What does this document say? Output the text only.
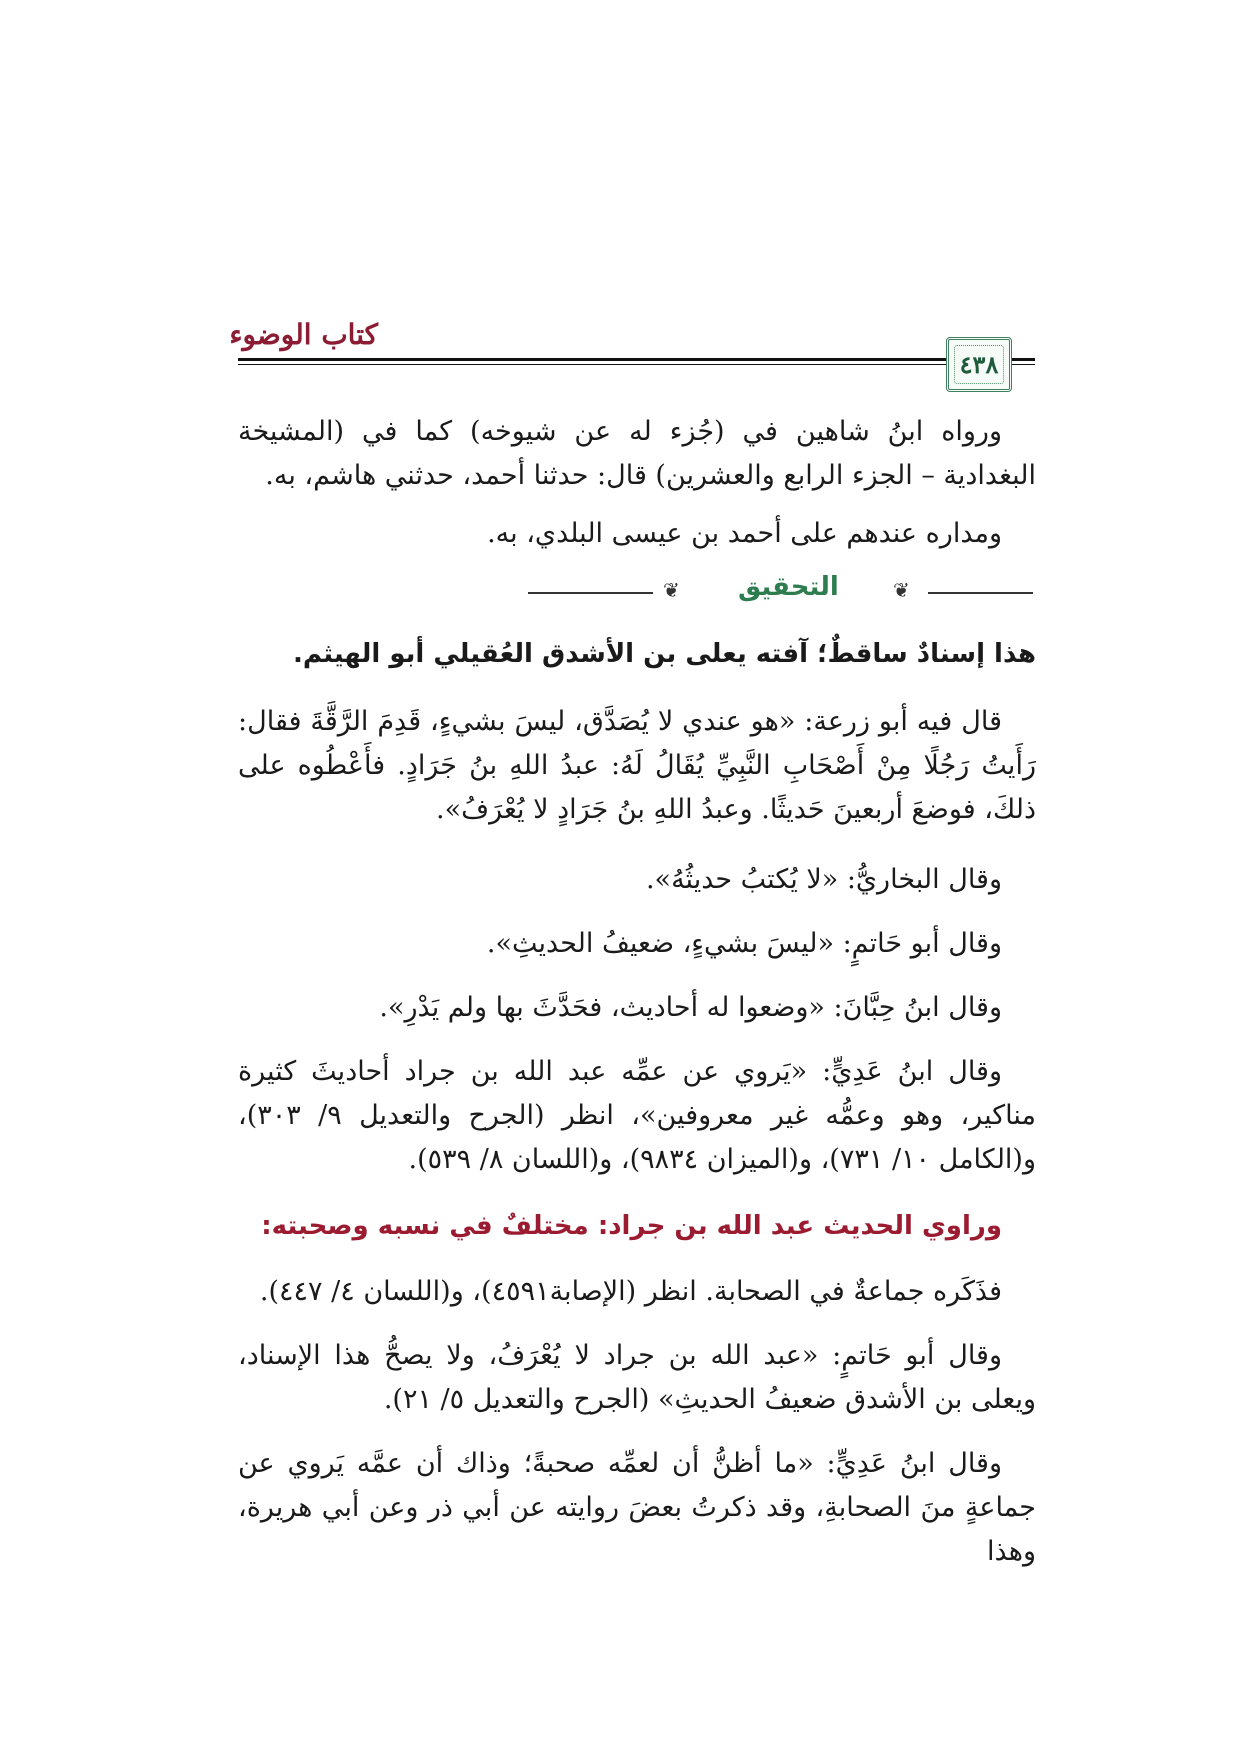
كتاب الوضوء
٤٣٨
ورواه ابنُ شاهين في (جُزء له عن شيوخه) كما في (المشيخة البغدادية – الجزء الرابع والعشرين) قال: حدثنا أحمد، حدثني هاشم، به.
ومداره عندهم على أحمد بن عيسى البلدي، به.
❦ التحقيق	❦
هذا إسنادٌ ساقطٌ؛ آفته يعلى بن الأشدق العُقيلي أبو الهيثم.
قال فيه أبو زرعة: «هو عندي لا يُصَدَّق، ليسَ بشيءٍ، قَدِمَ الرَّقَّةَ فقال: رَأَيتُ رَجُلًا مِنْ أَصْحَابِ النَّبِيِّ يُقَالُ لَهُ: عبدُ اللهِ بنُ جَرَادٍ. فأَعْطُوه على ذلكَ، فوضعَ أربعينَ حَديثًا. وعبدُ اللهِ بنُ جَرَادٍ لا يُعْرَفُ».
وقال البخاريُّ: «لا يُكتبُ حديثُهُ».
وقال أبو حَاتمٍ: «ليسَ بشيءٍ، ضعيفُ الحديثِ».
وقال ابنُ حِبَّانَ: «وضعوا له أحاديث، فحَدَّثَ بها ولم يَدْرِ».
وقال ابنُ عَدِيٍّ: «يَروي عن عمِّه عبد الله بن جراد أحاديثَ كثيرة مناكير، وهو وعمُّه غير معروفين»، انظر (الجرح والتعديل ٩/ ٣٠٣)، و(الكامل ١٠/ ٧٣١)، و(الميزان ٩٨٣٤)، و(اللسان ٨/ ٥٣٩).
وراوي الحديث عبد الله بن جراد: مختلفٌ في نسبه وصحبته:
فذَكَره جماعةٌ في الصحابة. انظر (الإصابة٤٥٩١)، و(اللسان ٤/ ٤٤٧).
وقال أبو حَاتمٍ: «عبد الله بن جراد لا يُعْرَفُ، ولا يصحُّ هذا الإسناد، ويعلى بن الأشدق ضعيفُ الحديثِ» (الجرح والتعديل ٥/ ٢١).
وقال ابنُ عَدِيٍّ: «ما أظنُّ أن لعمِّه صحبةً؛ وذاك أن عمَّه يَروي عن جماعةٍ منَ الصحابةِ، وقد ذكرتُ بعضَ روايته عن أبي ذر وعن أبي هريرة، وهذا
